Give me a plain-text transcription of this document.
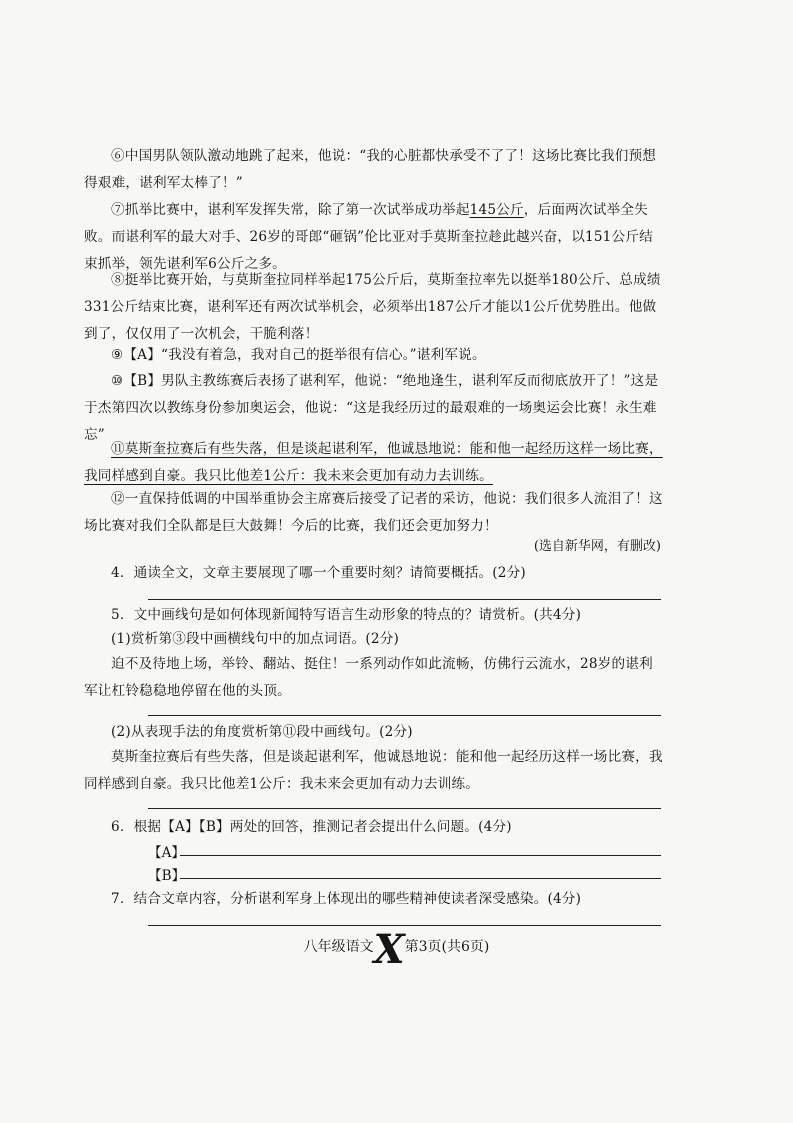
⑥中国男队领队激动地跳了起来，他说：“我的心脏都快承受不了了！这场比赛比我们预想得艰难，谌利军太棒了！”

⑦抓举比赛中，谌利军发挥失常，除了第一次试举成功举起145公斤，后面两次试举全失败。而谌利军的最大对手、26岁的哥郎“砸锅”伦比亚对手莫斯奎拉趁此越兴奋，以151公斤结束抓举，领先谌利军6公斤之多。

⑧挺举比赛开始，与莫斯奎拉同样举起175公斤后，莫斯奎拉率先以挺举180公斤、总成绩331公斤结束比赛，谌利军还有两次试举机会，必须举出187公斤才能以1公斤优势胜出。他做到了，仅仅用了一次机会，干脆利落！

⑨【A】“我没有着急，我对自己的挺举很有信心。”谌利军说。

⑩【B】男队主教练赛后表扬了谌利军，他说：“绝地逢生，谌利军反而彻底放开了！”这是于杰第四次以教练身份参加奥运会，他说：“这是我经历过的最艰难的一场奥运会比赛！永生难忘”

⑪莫斯奎拉赛后有些失落，但是谈起谌利军，他诚恳地说：能和他一起经历这样一场比赛，我同样感到自豪。我只比他差1公斤：我未来会更加有动力去训练。

⑫一直保持低调的中国举重协会主席赛后接受了记者的采访，他说：我们很多人流泪了！这场比赛对我们全队都是巨大鼓舞！今后的比赛，我们还会更加努力！

(选自新华网，有删改)

4．通读全文，文章主要展现了哪一个重要时刻？请简要概括。(2分)

5．文中画线句是如何体现新闻特写语言生动形象的特点的？请赏析。(共4分)

(1)赏析第③段中画横线句中的加点词语。(2分)

迫不及待地上场，举铃、翻站、挺住！一系列动作如此流畅，仿佛行云流水，28岁的谌利军让杠铃稳稳地停留在他的头顶。

(2)从表现手法的角度赏析第⑪段中画线句。(2分)

莫斯奎拉赛后有些失落，但是谈起谌利军，他诚恳地说：能和他一起经历这样一场比赛，我同样感到自豪。我只比他差1公斤：我未来会更加有动力去训练。

6．根据【A】【B】两处的回答，推测记者会提出什么问题。(4分)

【A】
【B】

7．结合文章内容，分析谌利军身上体现出的哪些精神使读者深受感染。(4分)

八年级语文X第3页(共6页)
